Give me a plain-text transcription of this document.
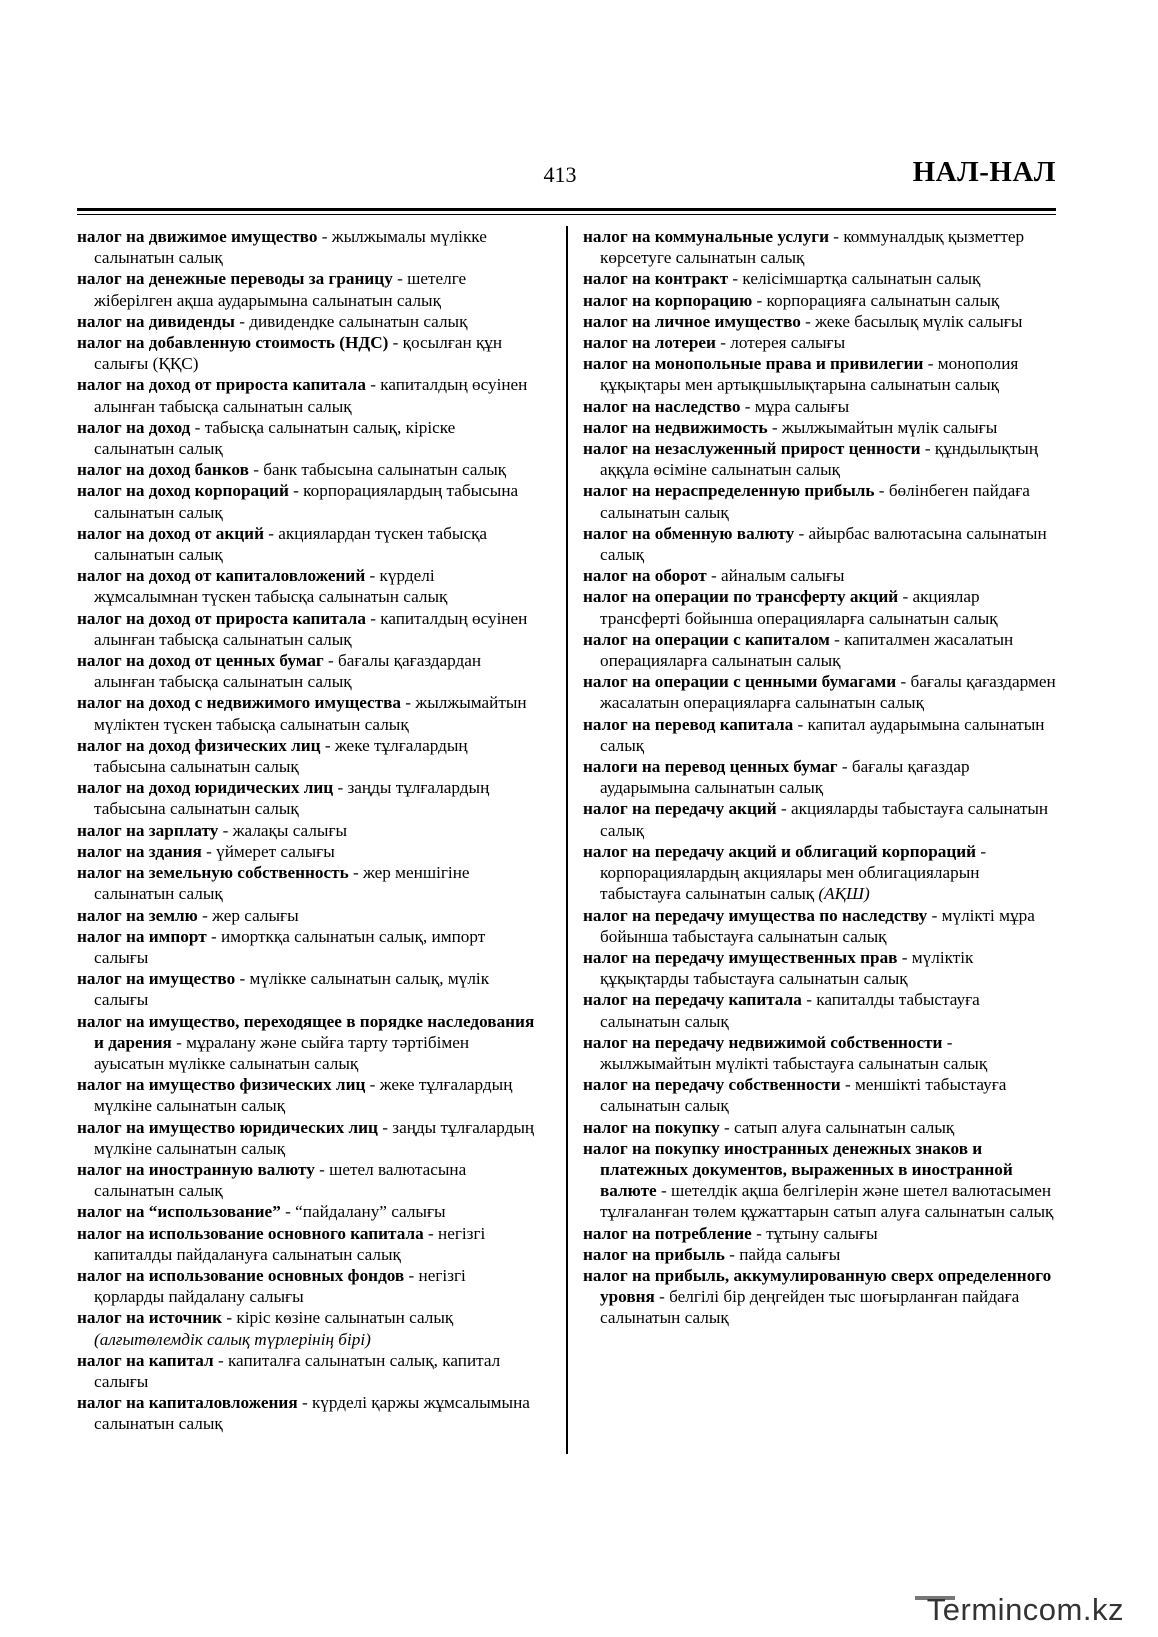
413	НАЛ-НАЛ
налог на движимое имущество - жылжымалы мүлікке салынатын салық
налог на денежные переводы за границу - шетелге жіберілген ақша аударымына салынатын салық
налог на дивиденды - дивидендке салынатын салық
налог на добавленную стоимость (НДС) - қосылған құн салығы (ҚҚС)
налог на доход от прироста капитала - капиталдың өсуінен алынған табысқа салынатын салық
налог на доход - табысқа салынатын салық, кіріске салынатын салық
налог на доход банков - банк табысына салынатын салық
налог на доход корпораций - корпорациялардың табысына салынатын салық
налог на доход от акций - акциялардан түскен табысқа салынатын салық
налог на доход от капиталовложений - күрделі жұмсалымнан түскен табысқа салынатын салық
налог на доход от прироста капитала - капиталдың өсуінен алынған табысқа салынатын салық
налог на доход от ценных бумаг - бағалы қағаздардан алынған табысқа салынатын салық
налог на доход с недвижимого имущества - жылжымайтын мүліктен түскен табысқа салынатын салық
налог на доход физических лиц - жеке тұлғалардың табысына салынатын салық
налог на доход юридических лиц - заңды тұлғалардың табысына салынатын салық
налог на зарплату - жалақы салығы
налог на здания - үймерет салығы
налог на земельную собственность - жер меншігіне салынатын салық
налог на землю - жер салығы
налог на импорт - иморткқа салынатын салық, импорт салығы
налог на имущество - мүлікке салынатын салық, мүлік салығы
налог на имущество, переходящее в порядке наследования и дарения - мұралану және сыйға тарту тәртібімен ауысатын мүлікке салынатын салық
налог на имущество физических лиц - жеке тұлғалардың мүлкіне салынатын салық
налог на имущество юридических лиц - заңды тұлғалардың мүлкіне салынатын салық
налог на иностранную валюту - шетел валютасына салынатын салық
налог на “использование” - “пайдалану” салығы
налог на использование основного капитала - негізгі капиталды пайдалануға салынатын салық
налог на использование основных фондов - негізгі қорларды пайдалану салығы
налог на источник - кіріс көзіне салынатын салық (алғытөлемдік салық түрлерінің бірі)
налог на капитал - капиталға салынатын салық, капитал салығы
налог на капиталовложения - күрделі қаржы жұмсалымына салынатын салық
налог на коммунальные услуги - коммуналдық қызметтер көрсетуге салынатын салық
налог на контракт - келісімшартқа салынатын салық
налог на корпорацию - корпорацияға салынатын салық
налог на личное имущество - жеке басылық мүлік салығы
налог на лотереи - лотерея салығы
налог на монопольные права и привилегии - монополия құқықтары мен артықшылықтарына салынатын салық
налог на наследство - мұра салығы
налог на недвижимость - жылжымайтын мүлік салығы
налог на незаслуженный прирост ценности - құндылықтың аққұла өсіміне салынатын салық
налог на нераспределенную прибыль - бөлінбеген пайдаға салынатын салық
налог на обменную валюту - айырбас валютасына салынатын салық
налог на оборот - айналым салығы
налог на операции по трансферту акций - акциялар трансферті бойынша операцияларға салынатын салық
налог на операции с капиталом - капиталмен жасалатын операцияларға салынатын салық
налог на операции с ценными бумагами - бағалы қағаздармен жасалатын операцияларға салынатын салық
налог на перевод капитала - капитал аударымына салынатын салық
налоги на перевод ценных бумаг - бағалы қағаздар аударымына салынатын салық
налог на передачу акций - акцияларды табыстауға салынатын салық
налог на передачу акций и облигаций корпораций - корпорациялардың акциялары мен облигацияларын табыстауға салынатын салық (АҚШ)
налог на передачу имущества по наследству - мүлікті мұра бойынша табыстауға салынатын салық
налог на передачу имущественных прав - мүліктік құқықтарды табыстауға салынатын салық
налог на передачу капитала - капиталды табыстауға салынатын салық
налог на передачу недвижимой собственности - жылжымайтын мүлікті табыстауға салынатын салық
налог на передачу собственности - меншікті табыстауға салынатын салық
налог на покупку - сатып алуға салынатын салық
налог на покупку иностранных денежных знаков и платежных документов, выраженных в иностранной валюте - шетелдік ақша белгілерін және шетел валютасымен тұлғаланған төлем құжаттарын сатып алуға салынатын салық
налог на потребление - тұтыну салығы
налог на прибыль - пайда салығы
налог на прибыль, аккумулированную сверх определенного уровня - белгілі бір деңгейден тыс шоғырланған пайдаға салынатын салық
Termincom.kz
